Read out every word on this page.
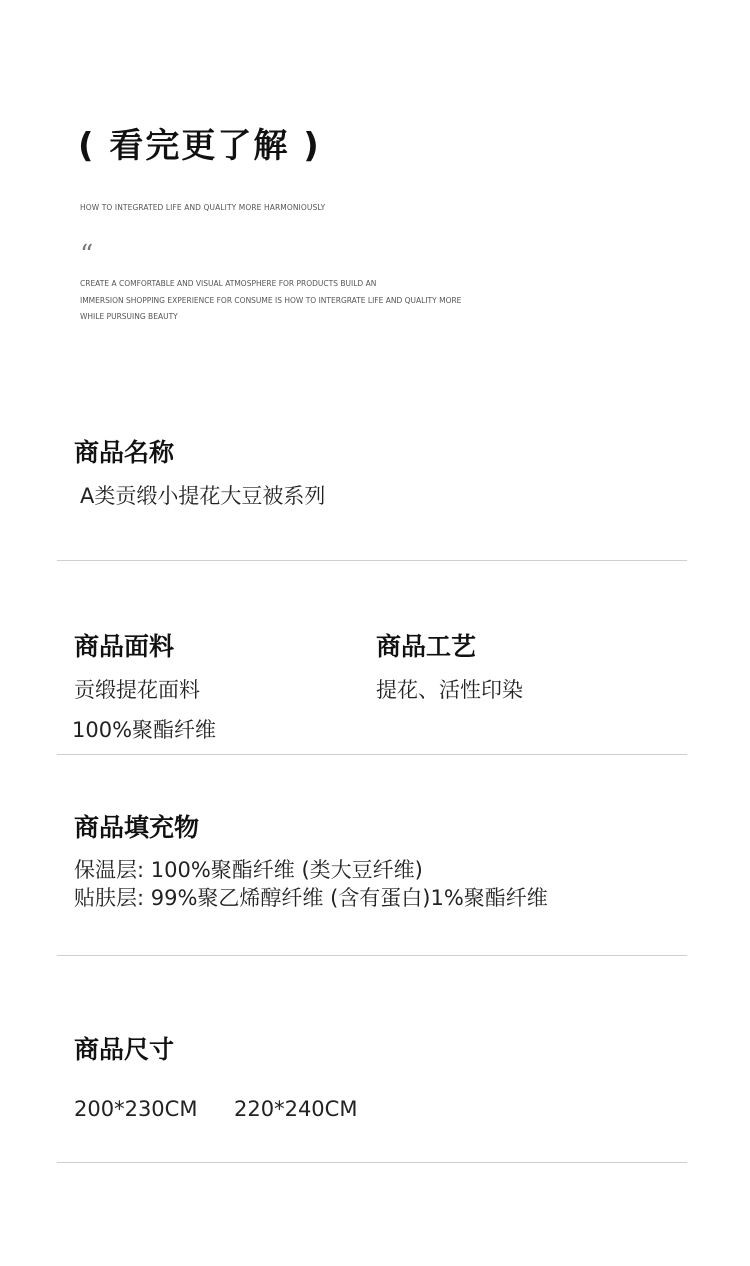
( 看完更了解 )
HOW TO INTEGRATED LIFE AND QUALITY MORE HARMONIOUSLY
“
CREATE A COMFORTABLE AND VISUAL ATMOSPHERE FOR PRODUCTS BUILD AN
IMMERSION SHOPPING EXPERIENCE FOR CONSUME IS HOW TO INTERGRATE LIFE AND QUALITY MORE
WHILE PURSUING BEAUTY
商品名称
A类贡缎小提花大豆被系列
商品面料
贡缎提花面料
100%聚酯纤维
商品工艺
提花、活性印染
商品填充物
保温层: 100%聚酯纤维 (类大豆纤维)
贴肤层: 99%聚乙烯醇纤维 (含有蛋白)1%聚酯纤维
商品尺寸
200*230CM 220*240CM
